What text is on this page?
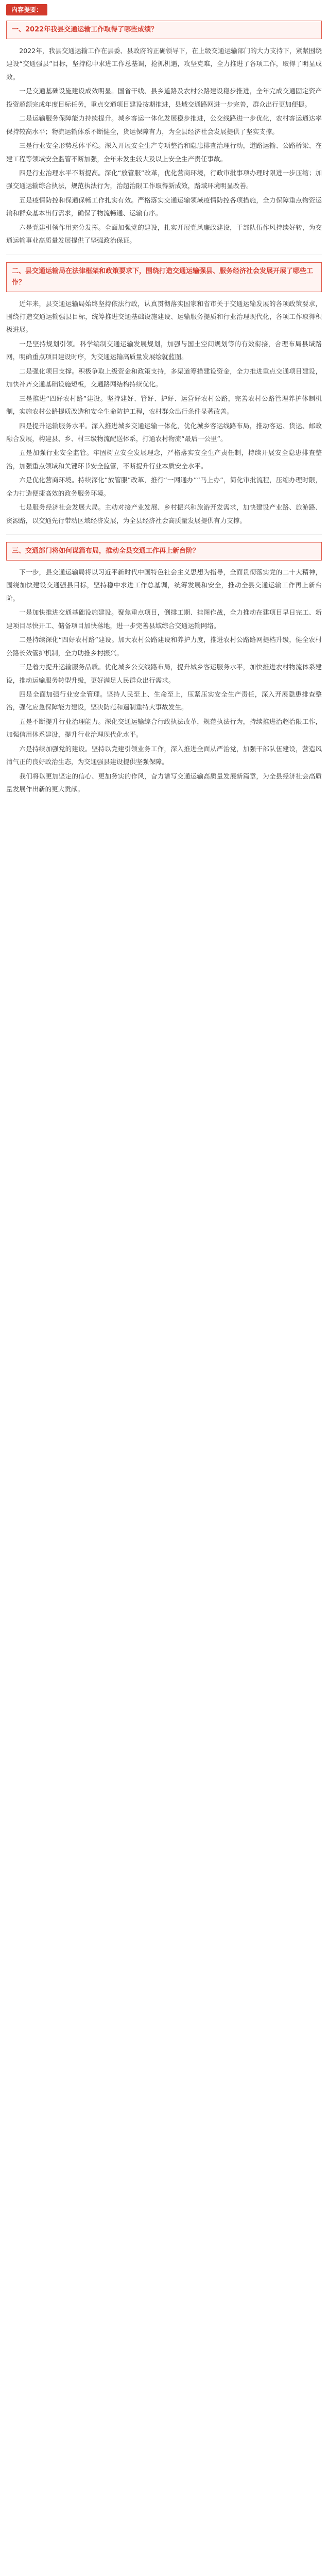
内容提要：
一、2022年我县交通运输工作取得了哪些成绩？

2022年，我县交通运输工作在县委、县政府的正确领导下，在上级交通运输部门的大力支持下，紧紧围绕建设“交通强县”目标，坚持稳中求进工作总基调，抢抓机遇，攻坚克难，全力推进了各项工作，取得了明显成效。

一是交通基础设施建设成效明显。国省干线、县乡道路及农村公路建设稳步推进，全年完成交通固定资产投资超额完成年度目标任务，重点交通项目建设按期推进，县域交通路网进一步完善，群众出行更加便捷。

二是运输服务保障能力持续提升。城乡客运一体化发展稳步推进，公交线路进一步优化，农村客运通达率保持较高水平；物流运输体系不断健全，货运保障有力，为全县经济社会发展提供了坚实支撑。

三是行业安全形势总体平稳。深入开展安全生产专项整治和隐患排查治理行动，道路运输、公路桥梁、在建工程等领域安全监管不断加强，全年未发生较大及以上安全生产责任事故。

四是行业治理水平不断提高。深化“放管服”改革，优化营商环境，行政审批事项办理时限进一步压缩；加强交通运输综合执法，规范执法行为，治超治限工作取得新成效，路域环境明显改善。

五是疫情防控和保通保畅工作扎实有效。严格落实交通运输领域疫情防控各项措施，全力保障重点物资运输和群众基本出行需求，确保了物流畅通、运输有序。

六是党建引领作用充分发挥。全面加强党的建设，扎实开展党风廉政建设，干部队伍作风持续好转，为交通运输事业高质量发展提供了坚强政治保证。

二、县交通运输局在法律框架和政策要求下，围绕打造交通运输强县、服务经济社会发展开展了哪些工作？

近年来，县交通运输局始终坚持依法行政，认真贯彻落实国家和省市关于交通运输发展的各项政策要求，围绕打造交通运输强县目标，统筹推进交通基础设施建设、运输服务提质和行业治理现代化，各项工作取得积极进展。

一是坚持规划引领。科学编制交通运输发展规划，加强与国土空间规划等的有效衔接，合理布局县域路网，明确重点项目建设时序，为交通运输高质量发展绘就蓝图。

二是强化项目支撑。积极争取上级资金和政策支持，多渠道筹措建设资金，全力推进重点交通项目建设，加快补齐交通基础设施短板，交通路网结构持续优化。

三是推进“四好农村路”建设。坚持建好、管好、护好、运营好农村公路，完善农村公路管理养护体制机制，实施农村公路提质改造和安全生命防护工程，农村群众出行条件显著改善。

四是提升运输服务水平。深入推进城乡交通运输一体化，优化城乡客运线路布局，推动客运、货运、邮政融合发展，构建县、乡、村三级物流配送体系，打通农村物流“最后一公里”。

五是加强行业安全监管。牢固树立安全发展理念，严格落实安全生产责任制，持续开展安全隐患排查整治，加强重点领域和关键环节安全监管，不断提升行业本质安全水平。

六是优化营商环境。持续深化“放管服”改革，推行“一网通办”“马上办”，简化审批流程，压缩办理时限，全力打造便捷高效的政务服务环境。

七是服务经济社会发展大局。主动对接产业发展、乡村振兴和旅游开发需求，加快建设产业路、旅游路、资源路，以交通先行带动区域经济发展，为全县经济社会高质量发展提供有力支撑。

三、交通部门将如何谋篇布局，推动全县交通工作再上新台阶？

下一步，县交通运输局将以习近平新时代中国特色社会主义思想为指导，全面贯彻落实党的二十大精神，围绕加快建设交通强县目标，坚持稳中求进工作总基调，统筹发展和安全，推动全县交通运输工作再上新台阶。

一是加快推进交通基础设施建设。聚焦重点项目，倒排工期、挂图作战，全力推动在建项目早日完工、新建项目尽快开工、储备项目加快落地，进一步完善县域综合交通运输网络。

二是持续深化“四好农村路”建设。加大农村公路建设和养护力度，推进农村公路路网提档升级，健全农村公路长效管护机制，全力助推乡村振兴。

三是着力提升运输服务品质。优化城乡公交线路布局，提升城乡客运服务水平，加快推进农村物流体系建设，推动运输服务转型升级，更好满足人民群众出行需求。

四是全面加强行业安全管理。坚持人民至上、生命至上，压紧压实安全生产责任，深入开展隐患排查整治，强化应急保障能力建设，坚决防范和遏制重特大事故发生。

五是不断提升行业治理能力。深化交通运输综合行政执法改革，规范执法行为，持续推进治超治限工作，加强信用体系建设，提升行业治理现代化水平。

六是持续加强党的建设。坚持以党建引领业务工作，深入推进全面从严治党，加强干部队伍建设，营造风清气正的良好政治生态，为交通强县建设提供坚强保障。

我们将以更加坚定的信心、更加务实的作风，奋力谱写交通运输高质量发展新篇章，为全县经济社会高质量发展作出新的更大贡献。
